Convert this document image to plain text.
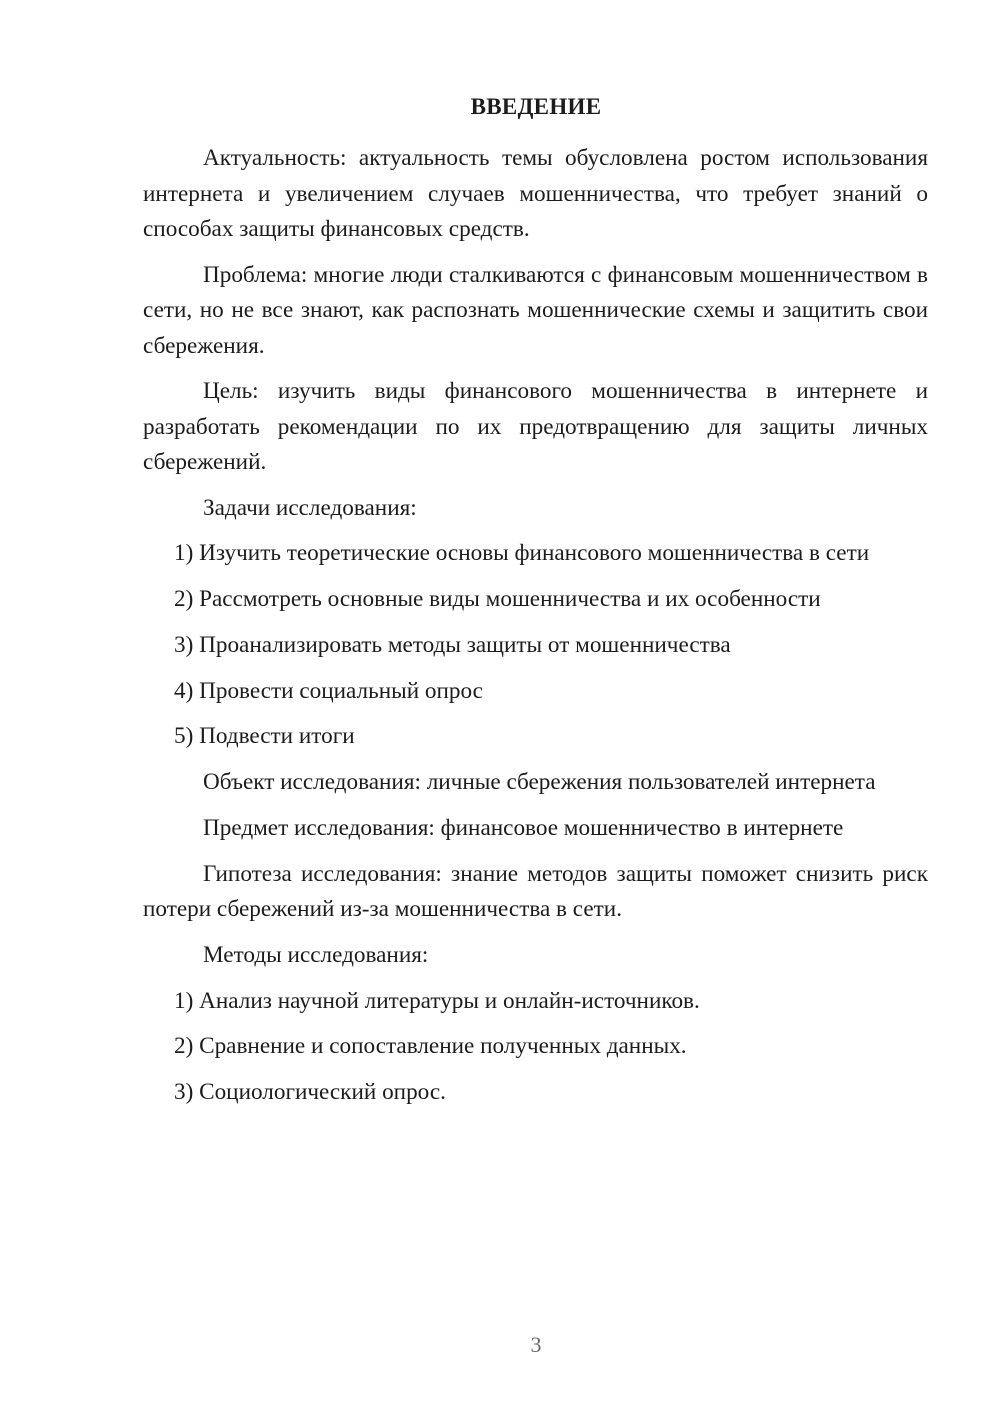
ВВЕДЕНИЕ

Актуальность: актуальность темы обусловлена ростом использования интернета и увеличением случаев мошенничества, что требует знаний о способах защиты финансовых средств.

Проблема: многие люди сталкиваются с финансовым мошенничеством в сети, но не все знают, как распознать мошеннические схемы и защитить свои сбережения.

Цель: изучить виды финансового мошенничества в интернете и разработать рекомендации по их предотвращению для защиты личных сбережений.

Задачи исследования:

1) Изучить теоретические основы финансового мошенничества в сети
2) Рассмотреть основные виды мошенничества и их особенности
3) Проанализировать методы защиты от мошенничества
4) Провести социальный опрос
5) Подвести итоги

Объект исследования: личные сбережения пользователей интернета

Предмет исследования: финансовое мошенничество в интернете

Гипотеза исследования: знание методов защиты поможет снизить риск потери сбережений из-за мошенничества в сети.

Методы исследования:

1) Анализ научной литературы и онлайн-источников.
2) Сравнение и сопоставление полученных данных.
3) Социологический опрос.
3
